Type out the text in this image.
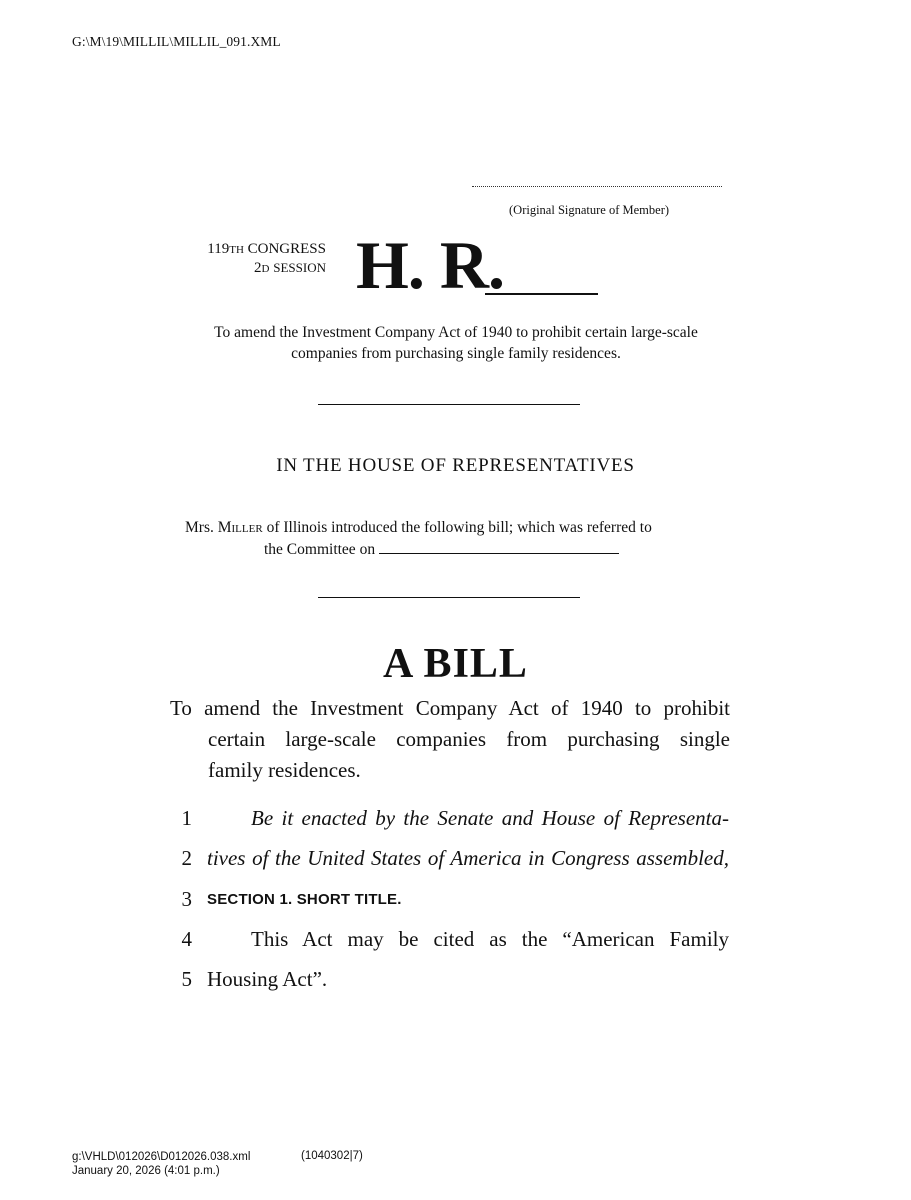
G:\M\19\MILLIL\MILLIL_091.XML
(Original Signature of Member)
119TH CONGRESS
2D SESSION H. R.
To amend the Investment Company Act of 1940 to prohibit certain large-scale companies from purchasing single family residences.
IN THE HOUSE OF REPRESENTATIVES
Mrs. Miller of Illinois introduced the following bill; which was referred to
the Committee on
A BILL
To amend the Investment Company Act of 1940 to prohibit
certain large-scale companies from purchasing single
family residences.
1	Be it enacted by the Senate and House of Representa-
2 tives of the United States of America in Congress assembled,
3 SECTION 1. SHORT TITLE.
4	This Act may be cited as the “American Family
5 Housing Act”.
g:\VHLD\012026\D012026.038.xml
January 20, 2026 (4:01 p.m.)
(1040302|7)
